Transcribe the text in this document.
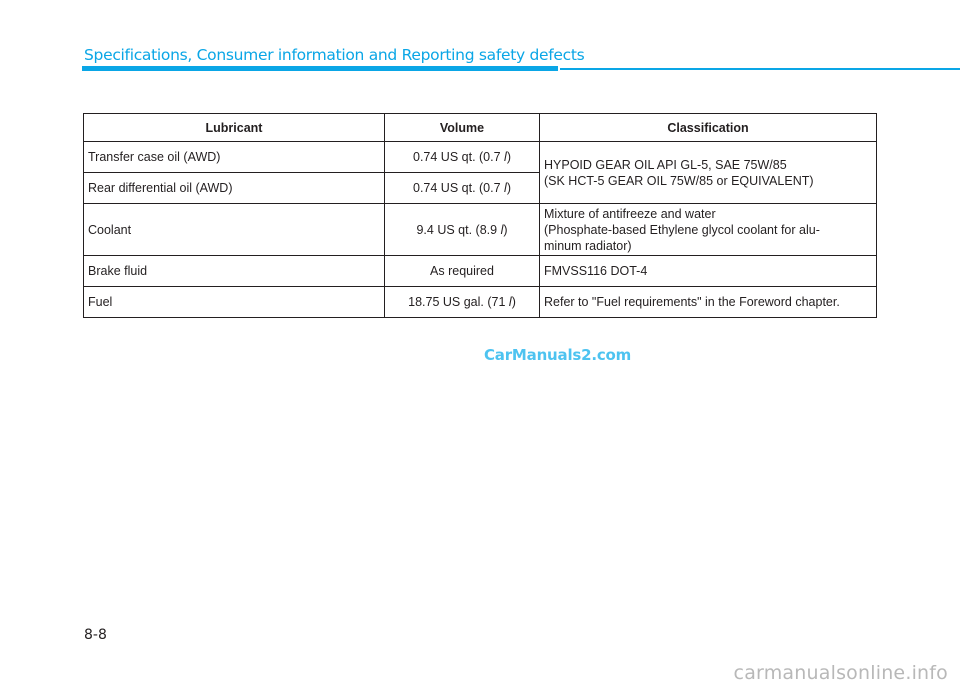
Specifications, Consumer information and Reporting safety defects
Lubricant	Volume	Classification
Transfer case oil (AWD)	0.74 US qt. (0.7 l)	HYPOID GEAR OIL API GL-5, SAE 75W/85
(SK HCT-5 GEAR OIL 75W/85 or EQUIVALENT)

Rear differential oil (AWD)	0.74 US qt. (0.7 l)	
Coolant	9.4 US qt. (8.9 l)	Mixture of antifreeze and water
(Phosphate-based Ethylene glycol coolant for alu-
minum radiator)

Brake fluid	As required	FMVSS116 DOT-4
Fuel	18.75 US gal. (71 l)	Refer to "Fuel requirements" in the Foreword chapter.
CarManuals2.com
8-8
carmanualsonline.info
